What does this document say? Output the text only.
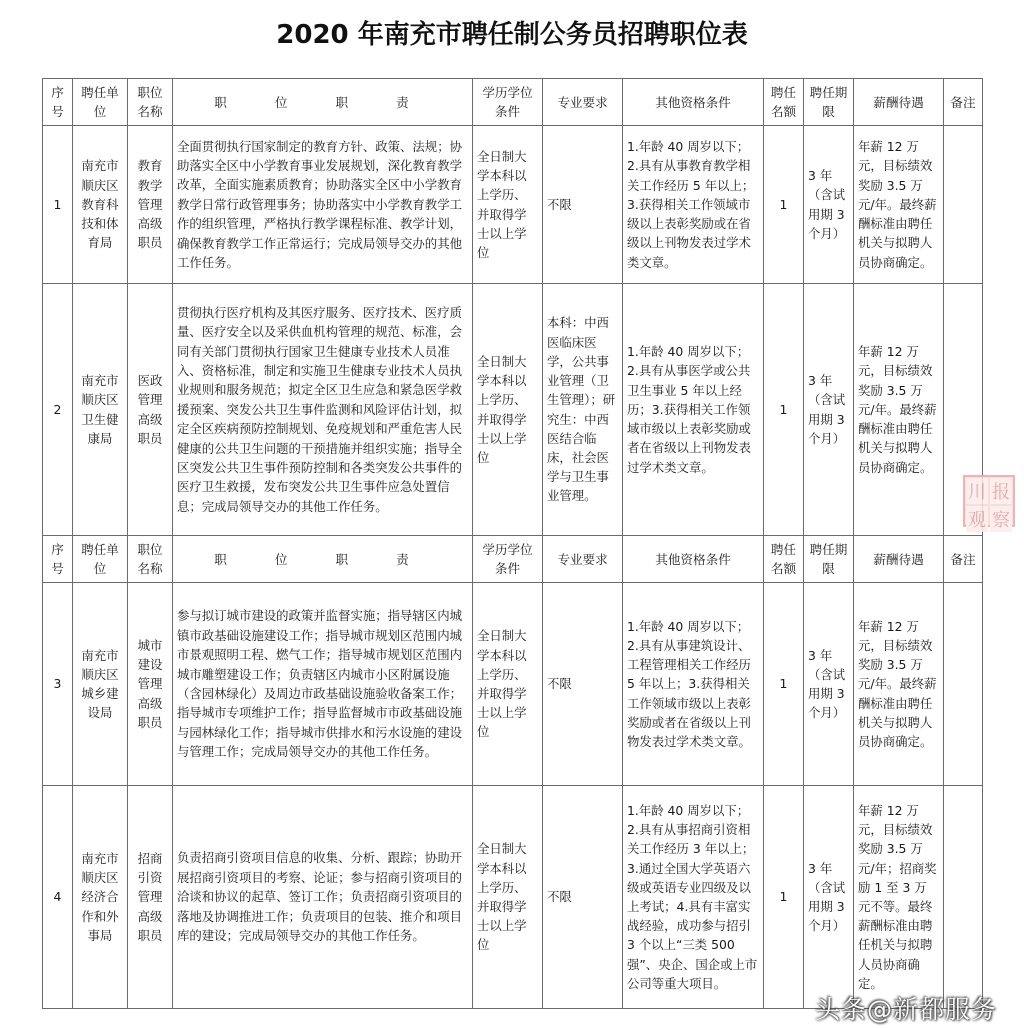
2020 年南充市聘任制公务员招聘职位表
序号	聘任单位	职位名称	职 位 职 责	学历学位条件	专业要求	其他资格条件	聘任名额	聘任期限	薪酬待遇	备注
1	南充市顺庆区教育科技和体育局	教育教学管理高级职员	全面贯彻执行国家制定的教育方针、政策、法规；协助落实全区中小学教育事业发展规划，深化教育教学改革，全面实施素质教育；协助落实全区中小学教育教学日常行政管理事务；协助落实中小学教育教学工作的组织管理，严格执行教学课程标准、教学计划，确保教育教学工作正常运行；完成局领导交办的其他工作任务。	全日制大学本科以上学历、并取得学士以上学位	不限	1.年龄 40 周岁以下；2.具有从事教育教学相关工作经历 5 年以上；3.获得相关工作领域市级以上表彰奖励或在省级以上刊物发表过学术类文章。	1	3 年（含试用期 3 个月）	年薪 12 万元，目标绩效奖励 3.5 万元/年。最终薪酬标准由聘任机关与拟聘人员协商确定。	
2	南充市顺庆区卫生健康局	医政管理高级职员	贯彻执行医疗机构及其医疗服务、医疗技术、医疗质量、医疗安全以及采供血机构管理的规范、标准，会同有关部门贯彻执行国家卫生健康专业技术人员准入、资格标准，制定和实施卫生健康专业技术人员执业规则和服务规范；拟定全区卫生应急和紧急医学救援预案、突发公共卫生事件监测和风险评估计划，拟定全区疾病预防控制规划、免疫规划和严重危害人民健康的公共卫生问题的干预措施并组织实施；指导全区突发公共卫生事件预防控制和各类突发公共事件的医疗卫生救援，发布突发公共卫生事件应急处置信息；完成局领导交办的其他工作任务。	全日制大学本科以上学历、并取得学士以上学位	本科：中西医临床医学，公共事业管理（卫生管理）；研究生：中西医结合临床，社会医学与卫生事业管理。	1.年龄 40 周岁以下；2.具有从事医学或公共卫生事业 5 年以上经历；3.获得相关工作领域市级以上表彰奖励或者在省级以上刊物发表过学术类文章。	1	3 年（含试用期 3 个月）	年薪 12 万元，目标绩效奖励 3.5 万元/年。最终薪酬标准由聘任机关与拟聘人员协商确定。	
序号	聘任单位	职位名称	职 位 职 责	学历学位条件	专业要求	其他资格条件	聘任名额	聘任期限	薪酬待遇	备注
3	南充市顺庆区城乡建设局	城市建设管理高级职员	参与拟订城市建设的政策并监督实施；指导辖区内城镇市政基础设施建设工作；指导城市规划区范围内城市景观照明工程、燃气工作；指导城市规划区范围内城市雕塑建设工作；负责辖区内城市小区附属设施（含园林绿化）及周边市政基础设施验收备案工作；指导城市专项维护工作；指导监督城市市政基础设施与园林绿化工作；指导城市供排水和污水设施的建设与管理工作；完成局领导交办的其他工作任务。	全日制大学本科以上学历、并取得学士以上学位	不限	1.年龄 40 周岁以下；2.具有从事建筑设计、工程管理相关工作经历 5 年以上；3.获得相关工作领域市级以上表彰奖励或者在省级以上刊物发表过学术类文章。	1	3 年（含试用期 3 个月）	年薪 12 万元，目标绩效奖励 3.5 万元/年。最终薪酬标准由聘任机关与拟聘人员协商确定。	
4	南充市顺庆区经济合作和外事局	招商引资管理高级职员	负责招商引资项目信息的收集、分析、跟踪；协助开展招商引资项目的考察、论证；参与招商引资项目的洽谈和协议的起草、签订工作；负责招商引资项目的落地及协调推进工作；负责项目的包装、推介和项目库的建设；完成局领导交办的其他工作任务。	全日制大学本科以上学历、并取得学士以上学位	不限	1.年龄 40 周岁以下；2.具有从事招商引资相关工作经历 3 年以上；3.通过全国大学英语六级或英语专业四级及以上考试；4.具有丰富实战经验，成功参与招引 3 个以上“三类 500 强”、央企、国企或上市公司等重大项目。	1	3 年（含试用期 3 个月）	年薪 12 万元，目标绩效奖励 3.5 万元/年；招商奖励 1 至 3 万元不等。最终薪酬标准由聘任机关与拟聘人员协商确定。	
川 报
观 察
头条@新都服务
